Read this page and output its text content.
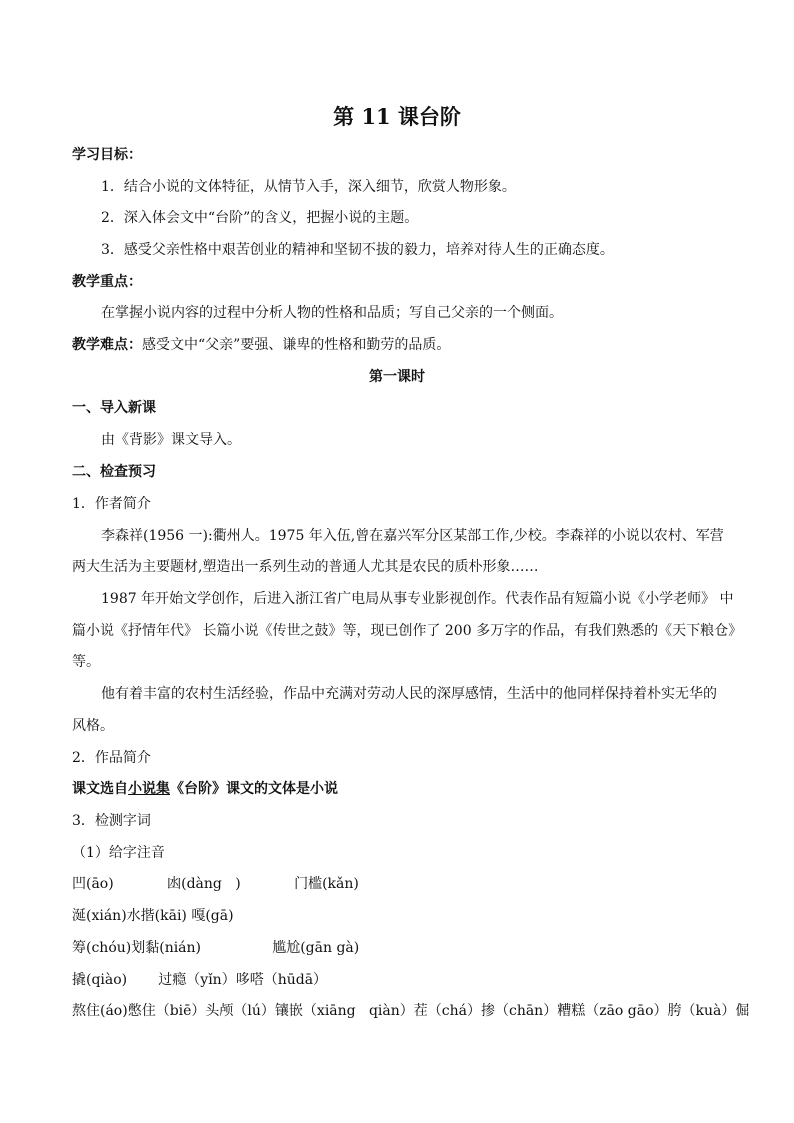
第 11 课台阶
学习目标：
1．结合小说的文体特征，从情节入手，深入细节，欣赏人物形象。
2．深入体会文中“台阶”的含义，把握小说的主题。
3．感受父亲性格中艰苦创业的精神和坚韧不拔的毅力，培养对待人生的正确态度。
教学重点：
在掌握小说内容的过程中分析人物的性格和品质；写自己父亲的一个侧面。
教学难点：感受文中“父亲”要强、谦卑的性格和勤劳的品质。
第一课时
一、导入新课
由《背影》课文导入。
二、检查预习
1．作者简介
李森祥(1956 一):衢州人。1975 年入伍,曾在嘉兴军分区某部工作,少校。李森祥的小说以农村、军营
两大生活为主要题材,塑造出一系列生动的普通人尤其是农民的质朴形象……
1987 年开始文学创作，后进入浙江省广电局从事专业影视创作。代表作品有短篇小说《小学老师》 中
篇小说《抒情年代》 长篇小说《传世之鼓》等，现已创作了 200 多万字的作品，有我们熟悉的《天下粮仓》
等。
他有着丰富的农村生活经验，作品中充满对劳动人民的深厚感情，生活中的他同样保持着朴实无华的
风格。
2．作品简介
课文选自小说集《台阶》课文的文体是小说
3．检测字词
（1）给字注音
凹(āo)            凼(dàng   )            门槛(kǎn)
涎(xián)水揩(kāi) 嘎(gā)
筹(chóu)划黏(nián)                尴尬(gān gà)
撬(qiào)       过瘾（yǐn）哆嗒（hūdā）
熬住(áo)憋住（biē）头颅（lú）镶嵌（xiāng   qiàn）茬（chá）掺（chān）糟糕（zāo gāo）胯（kuà）倔
